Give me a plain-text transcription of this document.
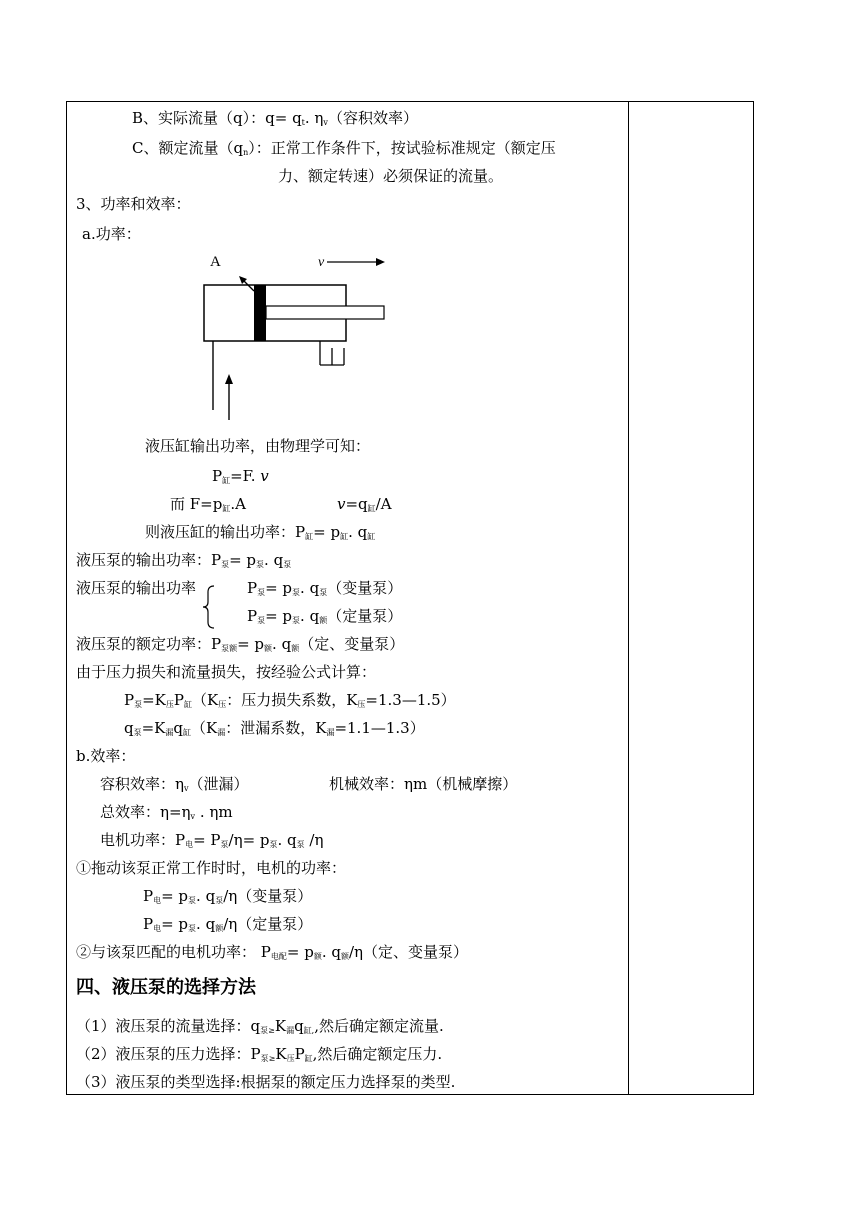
B、实际流量（q）：$q= q_t$. $\eta_v$（容积效率）
C、额定流量$(q_n)$：正常工作条件下，按试验标准规定（额定压
力、额定转速）必须保证的流量。
3、功率和效率：
a.功率：
A	v
液压缸输出功率，由物理学可知：
$P_缸=F$. v
而 $F=p_缸.A$	$v=q_缸/A$
则液压缸的输出功率：$P_缸= p_缸$. $q_缸$
液压泵的输出功率：$P_泵= p_泵$. $q_泵$
液压泵的输出功率	$P_泵= p_泵$. $q_泵$（变量泵）
$P_泵= p_泵$. $q_额$（定量泵）
液压泵的额定功率：$P_{泵额}= p_额$. $q_额$（定、变量泵）
由于压力损失和流量损失，按经验公式计算：
$P_泵=K_压P_缸(K_压$：压力损失系数，$K_压=1.3—1.5$）
$q_泵=K_漏q_缸(K_漏$：泄漏系数，$K_漏=1.1—1.3$）
b.效率：
容积效率：$\eta_v$（泄漏）	机械效率：ηm（机械摩擦）
总效率：$\eta=\eta_v$ . ηm
电机功率：$P_电= P_泵/\eta= p_泵$. $q_泵$ /η
①拖动该泵正常工作时时，电机的功率：
$P_电= p_泵$. $q_泵/\eta$（变量泵）
$P_电= p_泵$. $q_额/\eta$（定量泵）
②与该泵匹配的电机功率： $P_{电配}= p_额$. $q_额/\eta$（定、变量泵）
四、液压泵的选择方法
（1）液压泵的流量选择：$q_{泵\ge}K_漏q_{缸,}$,然后确定额定流量.
（2）液压泵的压力选择：$P_{泵\ge}K_压P_缸$,然后确定额定压力.
（3）液压泵的类型选择:根据泵的额定压力选择泵的类型.
